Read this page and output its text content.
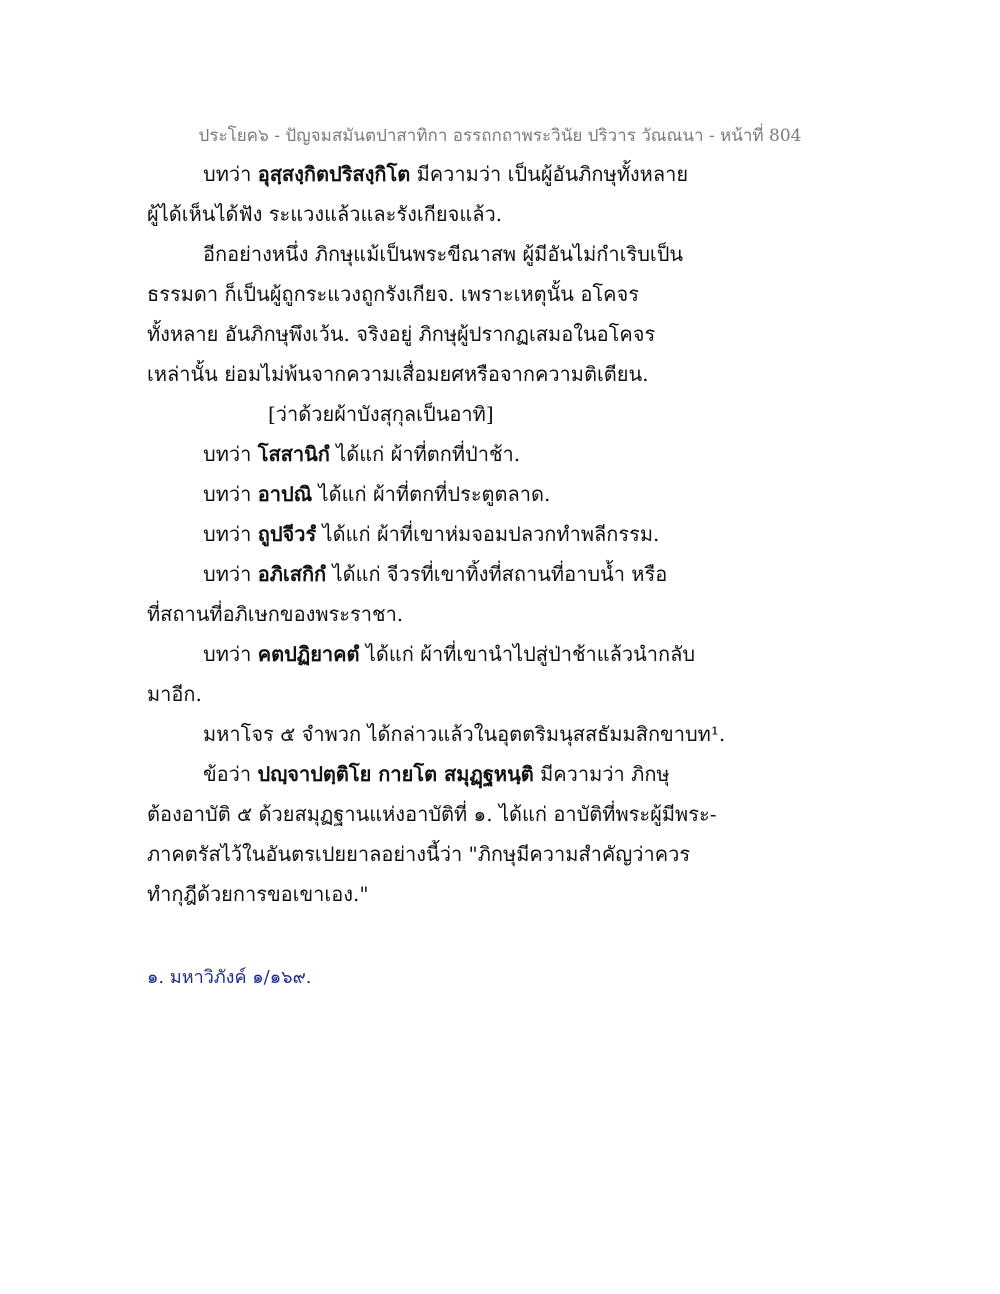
ประโยค๖ - ปัญจมสมันตปาสาทิกา อรรถกถาพระวินัย ปริวาร วัณณนา - หน้าที่ 804
บทว่า อุสฺสงฺกิตปริสงฺกิโต มีความว่า เป็นผู้อันภิกษุทั้งหลาย
ผู้ได้เห็นได้ฟัง ระแวงแล้วและรังเกียจแล้ว.
อีกอย่างหนึ่ง ภิกษุแม้เป็นพระขีณาสพ ผู้มีอันไม่กำเริบเป็น
ธรรมดา ก็เป็นผู้ถูกระแวงถูกรังเกียจ. เพราะเหตุนั้น อโคจร
ทั้งหลาย อันภิกษุพึงเว้น. จริงอยู่ ภิกษุผู้ปรากฏเสมอในอโคจร
เหล่านั้น ย่อมไม่พ้นจากความเสื่อมยศหรือจากความติเตียน.
[ว่าด้วยผ้าบังสุกุลเป็นอาทิ]
บทว่า โสสานิกํ ได้แก่ ผ้าที่ตกที่ป่าช้า.
บทว่า อาปณิ ได้แก่ ผ้าที่ตกที่ประตูตลาด.
บทว่า ถูปจีวรํ ได้แก่ ผ้าที่เขาห่มจอมปลวกทำพลีกรรม.
บทว่า อภิเสกิกํ ได้แก่ จีวรที่เขาทิ้งที่สถานที่อาบน้ำ หรือ
ที่สถานที่อภิเษกของพระราชา.
บทว่า คตปฏิยาคตํ ได้แก่ ผ้าที่เขานำไปสู่ป่าช้าแล้วนำกลับ
มาอีก.
มหาโจร ๕ จำพวก ได้กล่าวแล้วในอุตตริมนุสสธัมมสิกขาบท¹.
ข้อว่า ปญฺจาปตฺติโย กายโต สมุฏฺฐหนฺติ มีความว่า ภิกษุ
ต้องอาบัติ ๕ ด้วยสมุฏฐานแห่งอาบัติที่ ๑. ได้แก่ อาบัติที่พระผู้มีพระ-
ภาคตรัสไว้ในอันตรเปยยาลอย่างนี้ว่า "ภิกษุมีความสำคัญว่าควร
ทำกุฎีด้วยการขอเขาเอง."
๑. มหาวิภังค์ ๑/๑๖๙.
